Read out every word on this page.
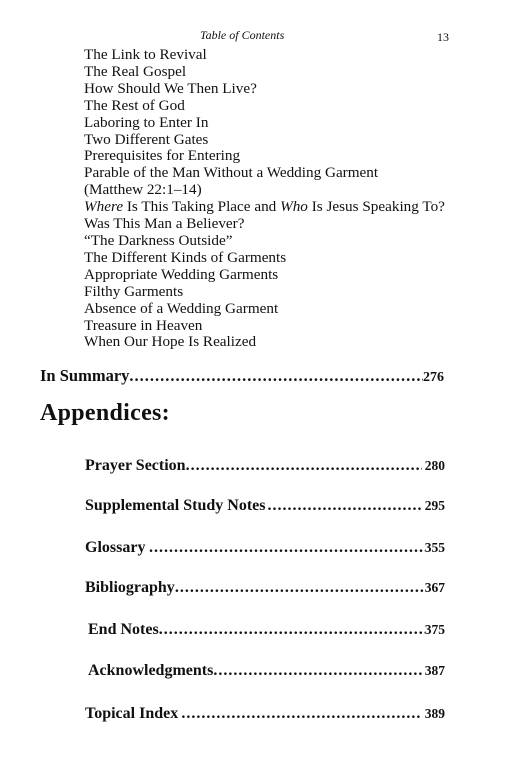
Table of Contents	13
The Link to Revival
The Real Gospel
How Should We Then Live?
The Rest of God
Laboring to Enter In
Two Different Gates
Prerequisites for Entering
Parable of the Man Without a Wedding Garment
(Matthew 22:1–14)
Where Is This Taking Place and Who Is Jesus Speaking To?
Was This Man a Believer?
“The Darkness Outside”
The Different Kinds of Garments
Appropriate Wedding Garments
Filthy Garments
Absence of a Wedding Garment
Treasure in Heaven
When Our Hope Is Realized
In Summary .....	276
Appendices:
Prayer Section .....	280
Supplemental Study Notes .....	295
Glossary .....	355
Bibliography .....	367
End Notes .....	375
Acknowledgments .....	387
Topical Index .....	389
